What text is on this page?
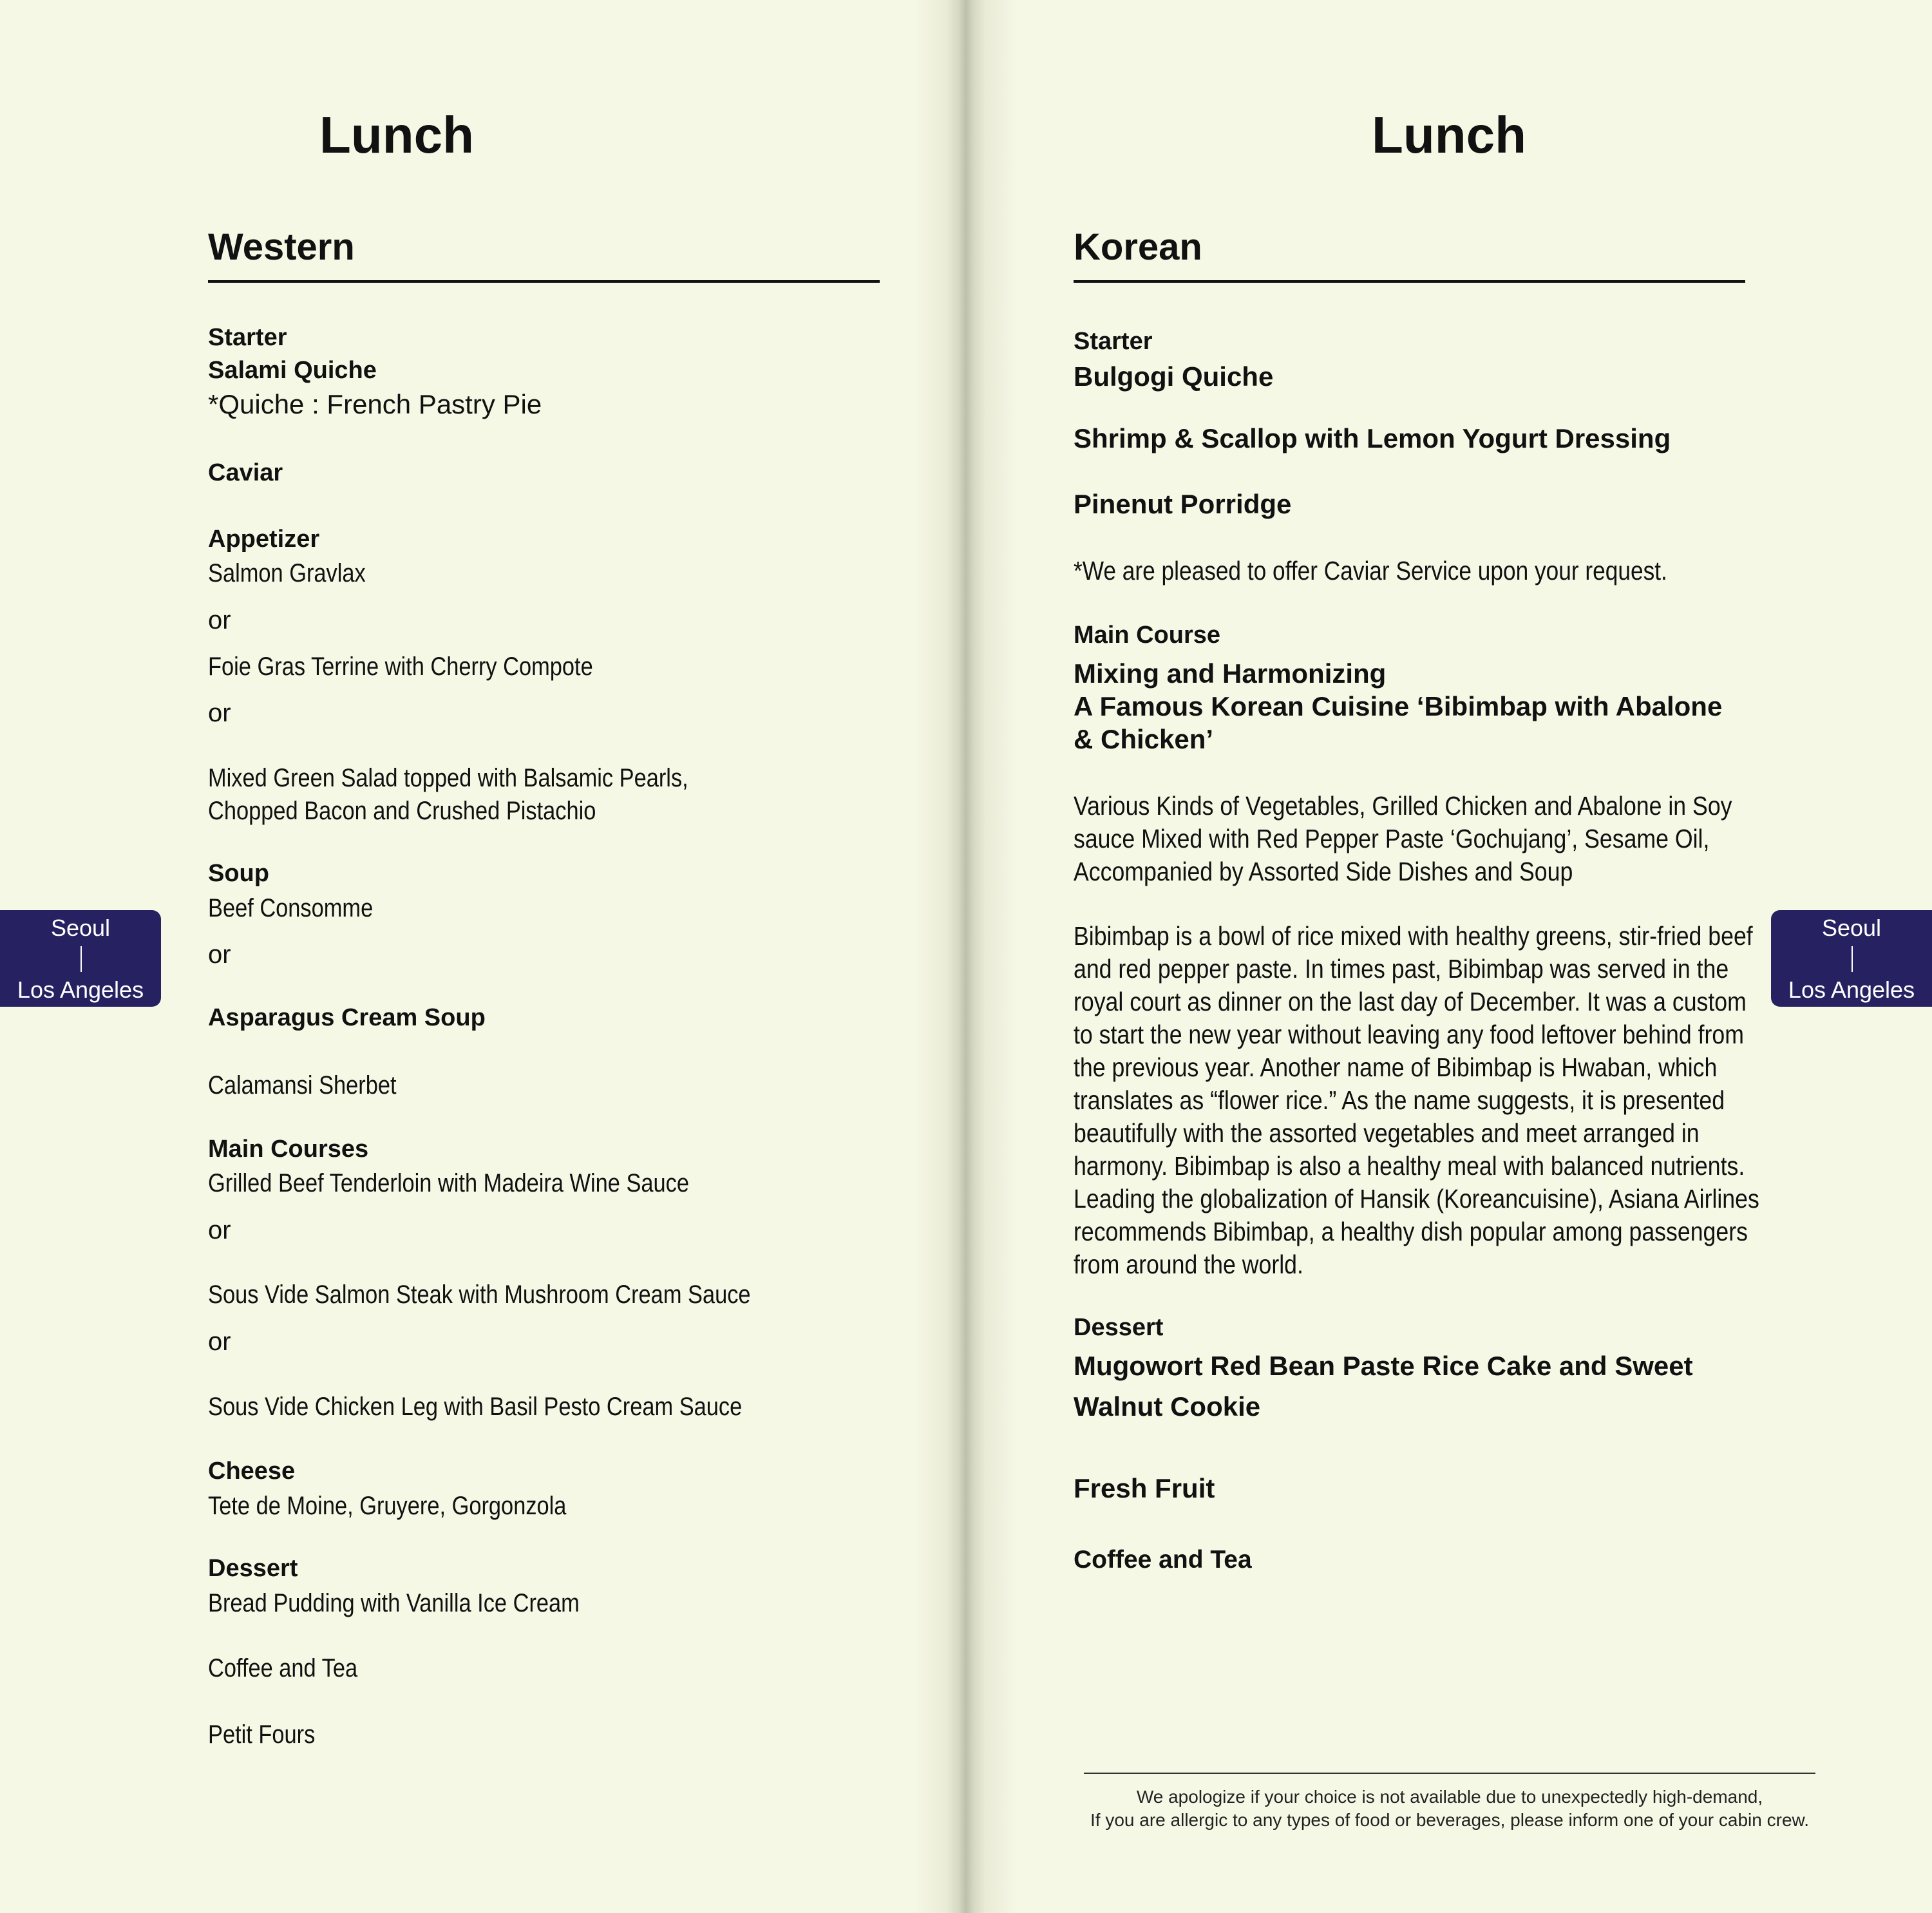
Lunch
Western
Starter
Salami Quiche
*Quiche : French Pastry Pie
Caviar
Appetizer
Salmon Gravlax
or
Foie Gras Terrine with Cherry Compote
or
Mixed Green Salad topped with Balsamic Pearls,
Chopped Bacon and Crushed Pistachio
Soup
Beef Consomme
or
Asparagus Cream Soup
Calamansi Sherbet
Main Courses
Grilled Beef Tenderloin with Madeira Wine Sauce
or
Sous Vide Salmon Steak with Mushroom Cream Sauce
or
Sous Vide Chicken Leg with Basil Pesto Cream Sauce
Cheese
Tete de Moine, Gruyere, Gorgonzola
Dessert
Bread Pudding with Vanilla Ice Cream
Coffee and Tea
Petit Fours
Seoul
Los Angeles
Lunch
Korean
Starter
Bulgogi Quiche
Shrimp & Scallop with Lemon Yogurt Dressing
Pinenut Porridge
*We are pleased to offer Caviar Service upon your request.
Main Course
Mixing and Harmonizing
A Famous Korean Cuisine ‘Bibimbap with Abalone
& Chicken’
Various Kinds of Vegetables, Grilled Chicken and Abalone in Soy sauce Mixed with Red Pepper Paste ‘Gochujang’, Sesame Oil, Accompanied by Assorted Side Dishes and Soup
Bibimbap is a bowl of rice mixed with healthy greens, stir-fried beef and red pepper paste. In times past, Bibimbap was served in the royal court as dinner on the last day of December. It was a custom to start the new year without leaving any food leftover behind from the previous year. Another name of Bibimbap is Hwaban, which translates as “flower rice.” As the name suggests, it is presented beautifully with the assorted vegetables and meet arranged in harmony. Bibimbap is also a healthy meal with balanced nutrients. Leading the globalization of Hansik (Koreancuisine), Asiana Airlines recommends Bibimbap, a healthy dish popular among passengers from around the world.
Dessert
Mugowort Red Bean Paste Rice Cake and Sweet
Walnut Cookie
Fresh Fruit
Coffee and Tea
We apologize if your choice is not available due to unexpectedly high-demand,
If you are allergic to any types of food or beverages, please inform one of your cabin crew.
Seoul
Los Angeles
